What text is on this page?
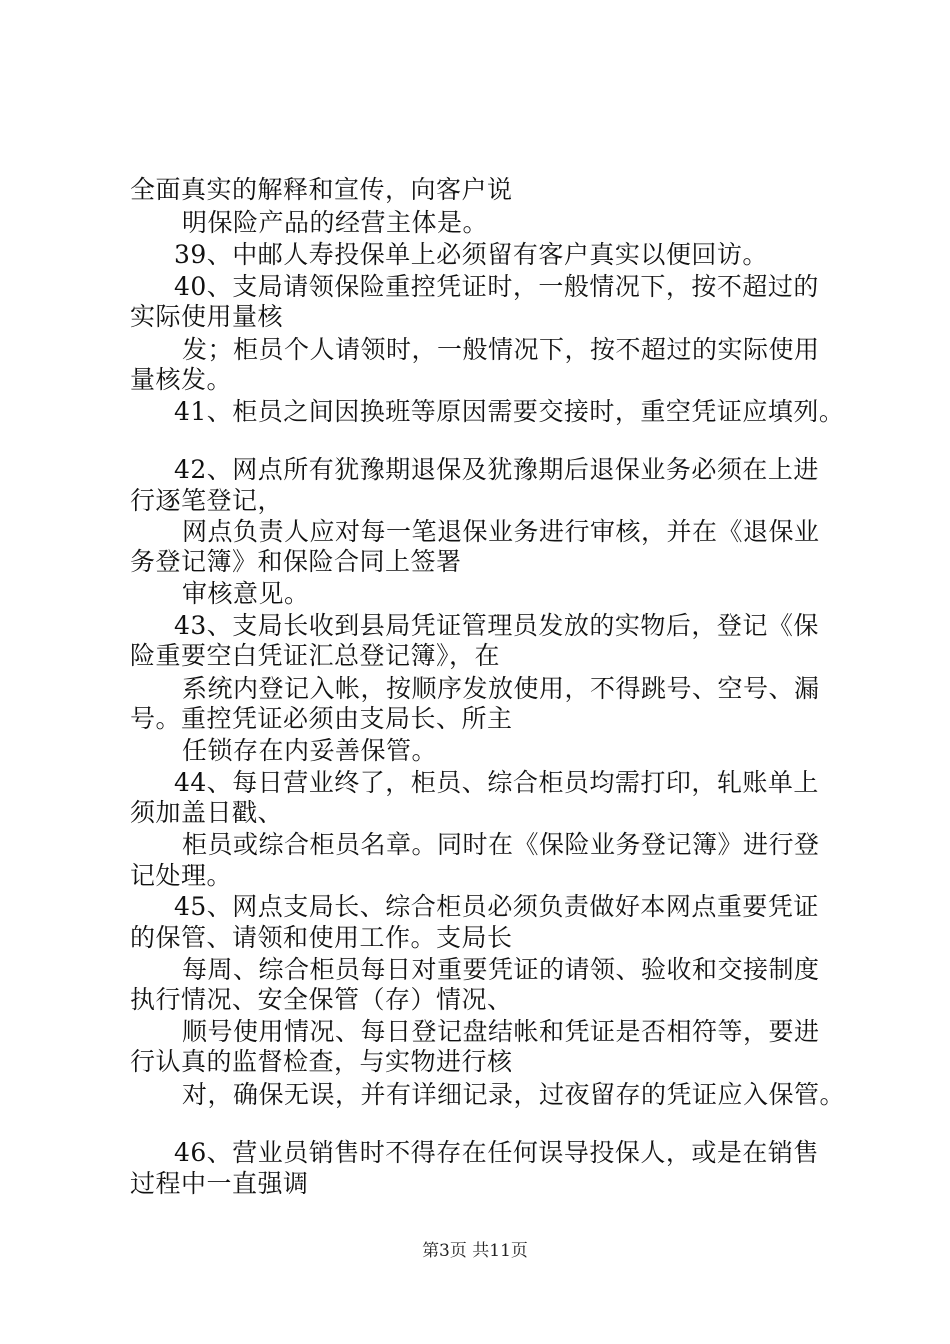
全面真实的解释和宣传，向客户说
明保险产品的经营主体是。
39、中邮人寿投保单上必须留有客户真实以便回访。
40、支局请领保险重控凭证时，一般情况下，按不超过的
实际使用量核
发；柜员个人请领时，一般情况下，按不超过的实际使用
量核发。
41、柜员之间因换班等原因需要交接时，重空凭证应填列。
42、网点所有犹豫期退保及犹豫期后退保业务必须在上进
行逐笔登记，
网点负责人应对每一笔退保业务进行审核，并在《退保业
务登记簿》和保险合同上签署
审核意见。
43、支局长收到县局凭证管理员发放的实物后，登记《保
险重要空白凭证汇总登记簿》，在
系统内登记入帐，按顺序发放使用，不得跳号、空号、漏
号。重控凭证必须由支局长、所主
任锁存在内妥善保管。
44、每日营业终了，柜员、综合柜员均需打印，轧账单上
须加盖日戳、
柜员或综合柜员名章。同时在《保险业务登记簿》进行登
记处理。
45、网点支局长、综合柜员必须负责做好本网点重要凭证
的保管、请领和使用工作。支局长
每周、综合柜员每日对重要凭证的请领、验收和交接制度
执行情况、安全保管（存）情况、
顺号使用情况、每日登记盘结帐和凭证是否相符等，要进
行认真的监督检查，与实物进行核
对，确保无误，并有详细记录，过夜留存的凭证应入保管。
46、营业员销售时不得存在任何误导投保人，或是在销售
过程中一直强调
第3页 共11页
